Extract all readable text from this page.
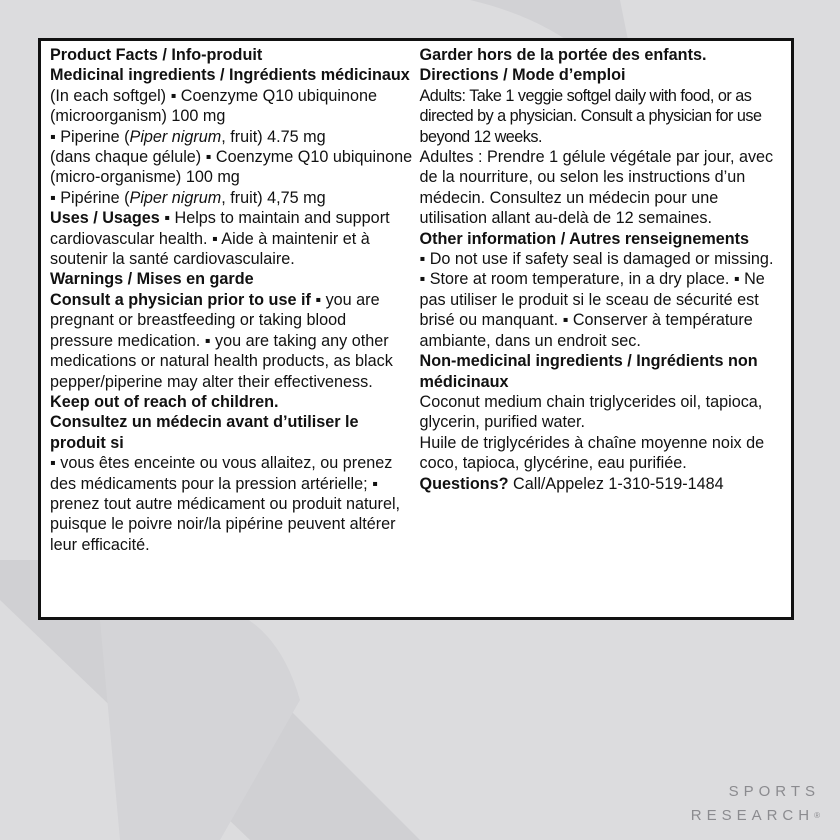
Product Facts / Info-produit

Medicinal ingredients / Ingrédients médicinaux

(In each softgel) ▪ Coenzyme Q10 ubiquinone (microorganism) 100 mg

▪ Piperine (Piper nigrum, fruit) 4.75 mg

(dans chaque gélule) ▪ Coenzyme Q10 ubiquinone (micro-organisme) 100 mg

▪ Pipérine (Piper nigrum, fruit) 4,75 mg

Uses / Usages ▪ Helps to maintain and support cardiovascular health. ▪ Aide à maintenir et à soutenir la santé cardiovasculaire.

Warnings / Mises en garde

Consult a physician prior to use if ▪ you are pregnant or breastfeeding or taking blood pressure medication. ▪ you are taking any other medications or natural health products, as black pepper/piperine may alter their effectiveness. Keep out of reach of children.

Consultez un médecin avant d’utiliser le produit si

▪ vous êtes enceinte ou vous allaitez, ou prenez des médicaments pour la pression artérielle; ▪ prenez tout autre médicament ou produit naturel, puisque le poivre noir/la pipérine peuvent altérer leur efficacité.

Garder hors de la portée des enfants.

Directions / Mode d’emploi

Adults: Take 1 veggie softgel daily with food, or as directed by a physician. Consult a physician for use beyond 12 weeks.

Adultes : Prendre 1 gélule végétale par jour, avec de la nourriture, ou selon les instructions d’un médecin. Consultez un médecin pour une utilisation allant au-delà de 12 semaines.

Other information / Autres renseignements

▪ Do not use if safety seal is damaged or missing. ▪ Store at room temperature, in a dry place. ▪ Ne pas utiliser le produit si le sceau de sécurité est brisé ou manquant. ▪ Conserver à température ambiante, dans un endroit sec.

Non-medicinal ingredients / Ingrédients non médicinaux

Coconut medium chain triglycerides oil, tapioca, glycerin, purified water.

Huile de triglycérides à chaîne moyenne noix de coco, tapioca, glycérine, eau purifiée.

Questions? Call/Appelez 1-310-519-1484

SPORTS
RESEARCH®
